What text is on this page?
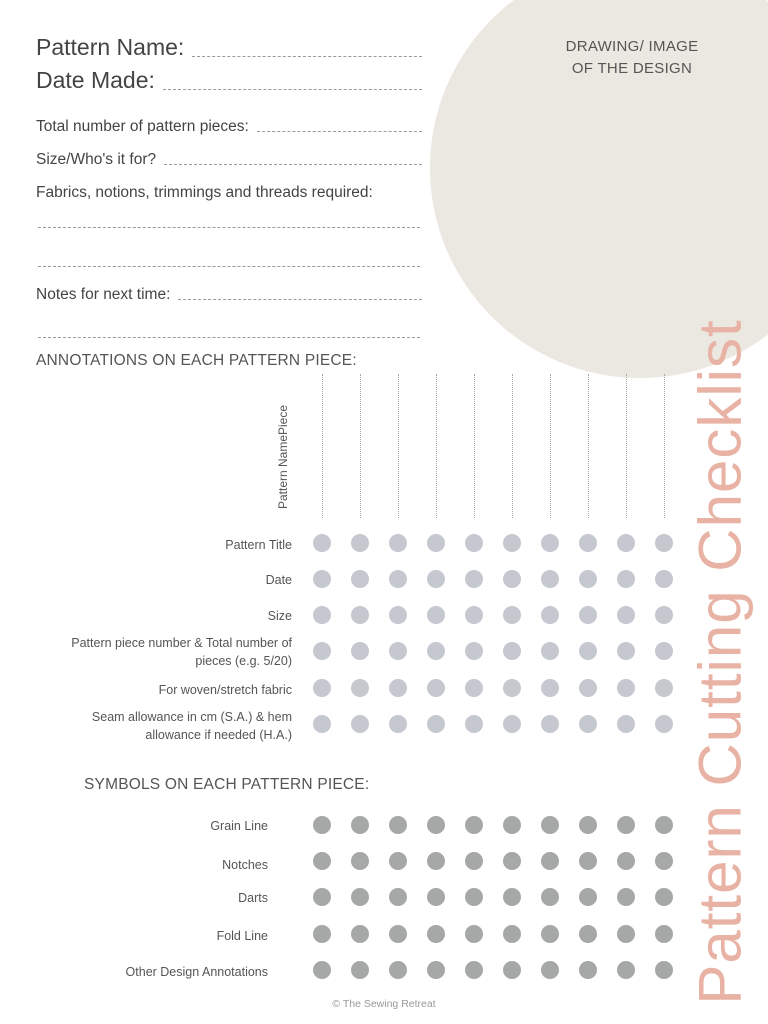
DRAWING/ IMAGE
OF THE DESIGN
Pattern Name:
Date Made:
Total number of pattern pieces:
Size/Who's it for?
Fabrics, notions, trimmings and threads required:
Notes for next time:
ANNOTATIONS ON EACH PATTERN PIECE:
Pattern NamePiece
Pattern Title
Date
Size
Pattern piece number & Total number of pieces (e.g. 5/20)
For woven/stretch fabric
Seam allowance in cm (S.A.) & hem allowance if needed (H.A.)
SYMBOLS ON EACH PATTERN PIECE:
Grain Line
Notches
Darts
Fold Line
Other Design Annotations	Pattern Cutting Checklist
© The Sewing Retreat
